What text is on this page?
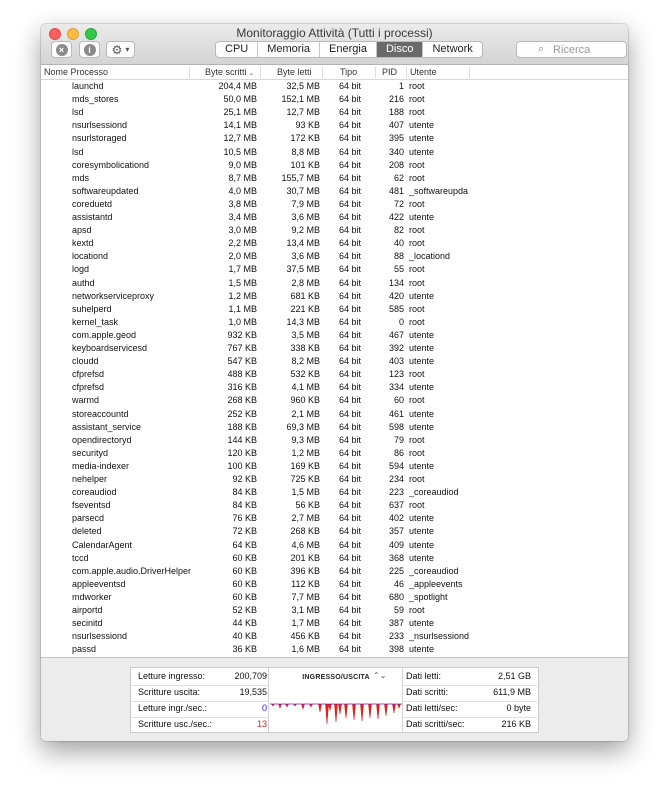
Monitoraggio Attività (Tutti i processi)
×	i	⚙ ▾	CPU	Memoria	Energia	Disco	Network	⌕ Ricerca
Nome Processo	Byte scritti ⌄	Byte letti	Tipo	PID Utente
launchd	204,4 MB	32,5 MB	64 bit	1 root
mds_stores	50,0 MB	152,1 MB	64 bit	216 root
lsd	25,1 MB	12,7 MB	64 bit	188 root
nsurlsessiond	14,1 MB	93 KB	64 bit	407 utente
nsurlstoraged	12,7 MB	172 KB	64 bit	395 utente
lsd	10,5 MB	8,8 MB	64 bit	340 utente
coresymbolicationd	9,0 MB	101 KB	64 bit	208 root
mds	8,7 MB	155,7 MB	64 bit	62 root
softwareupdated	4,0 MB	30,7 MB	64 bit	481 _softwareupda
coreduetd	3,8 MB	7,9 MB	64 bit	72 root
assistantd	3,4 MB	3,6 MB	64 bit	422 utente
apsd	3,0 MB	9,2 MB	64 bit	82 root
kextd	2,2 MB	13,4 MB	64 bit	40 root
locationd	2,0 MB	3,6 MB	64 bit	88 _locationd
logd	1,7 MB	37,5 MB	64 bit	55 root
authd	1,5 MB	2,8 MB	64 bit	134 root
networkserviceproxy	1,2 MB	681 KB	64 bit	420 utente
suhelperd	1,1 MB	221 KB	64 bit	585 root
kernel_task	1,0 MB	14,3 MB	64 bit	0 root
com.apple.geod	932 KB	3,5 MB	64 bit	467 utente
keyboardservicesd	767 KB	338 KB	64 bit	392 utente
cloudd	547 KB	8,2 MB	64 bit	403 utente
cfprefsd	488 KB	532 KB	64 bit	123 root
cfprefsd	316 KB	4,1 MB	64 bit	334 utente
warmd	268 KB	960 KB	64 bit	60 root
storeaccountd	252 KB	2,1 MB	64 bit	461 utente
assistant_service	188 KB	69,3 MB	64 bit	598 utente
opendirectoryd	144 KB	9,3 MB	64 bit	79 root
securityd	120 KB	1,2 MB	64 bit	86 root
media-indexer	100 KB	169 KB	64 bit	594 utente
nehelper	92 KB	725 KB	64 bit	234 root
coreaudiod	84 KB	1,5 MB	64 bit	223 _coreaudiod
fseventsd	84 KB	56 KB	64 bit	637 root
parsecd	76 KB	2,7 MB	64 bit	402 utente
deleted	72 KB	268 KB	64 bit	357 utente
CalendarAgent	64 KB	4,6 MB	64 bit	409 utente
tccd	60 KB	201 KB	64 bit	368 utente
com.apple.audio.DriverHelper	60 KB	396 KB	64 bit	225 _coreaudiod
appleeventsd	60 KB	112 KB	64 bit	46 _appleevents
mdworker	60 KB	7,7 MB	64 bit	680 _spotlight
airportd	52 KB	3,1 MB	64 bit	59 root
secinitd	44 KB	1,7 MB	64 bit	387 utente
nsurlsessiond	40 KB	456 KB	64 bit	233 _nsurlsessiond
passd	36 KB	1,6 MB	64 bit	398 utente
Letture ingresso:	200,709
Scritture uscita:	19,535
Letture ingr./sec.:	0
Scritture usc./sec.:	13
INGRESSO/USCITA ⌃⌄ Dati letti:	2,51 GB
Dati scritti:	611,9 MB
Dati letti/sec:	0 byte
Dati scritti/sec:	216 KB
